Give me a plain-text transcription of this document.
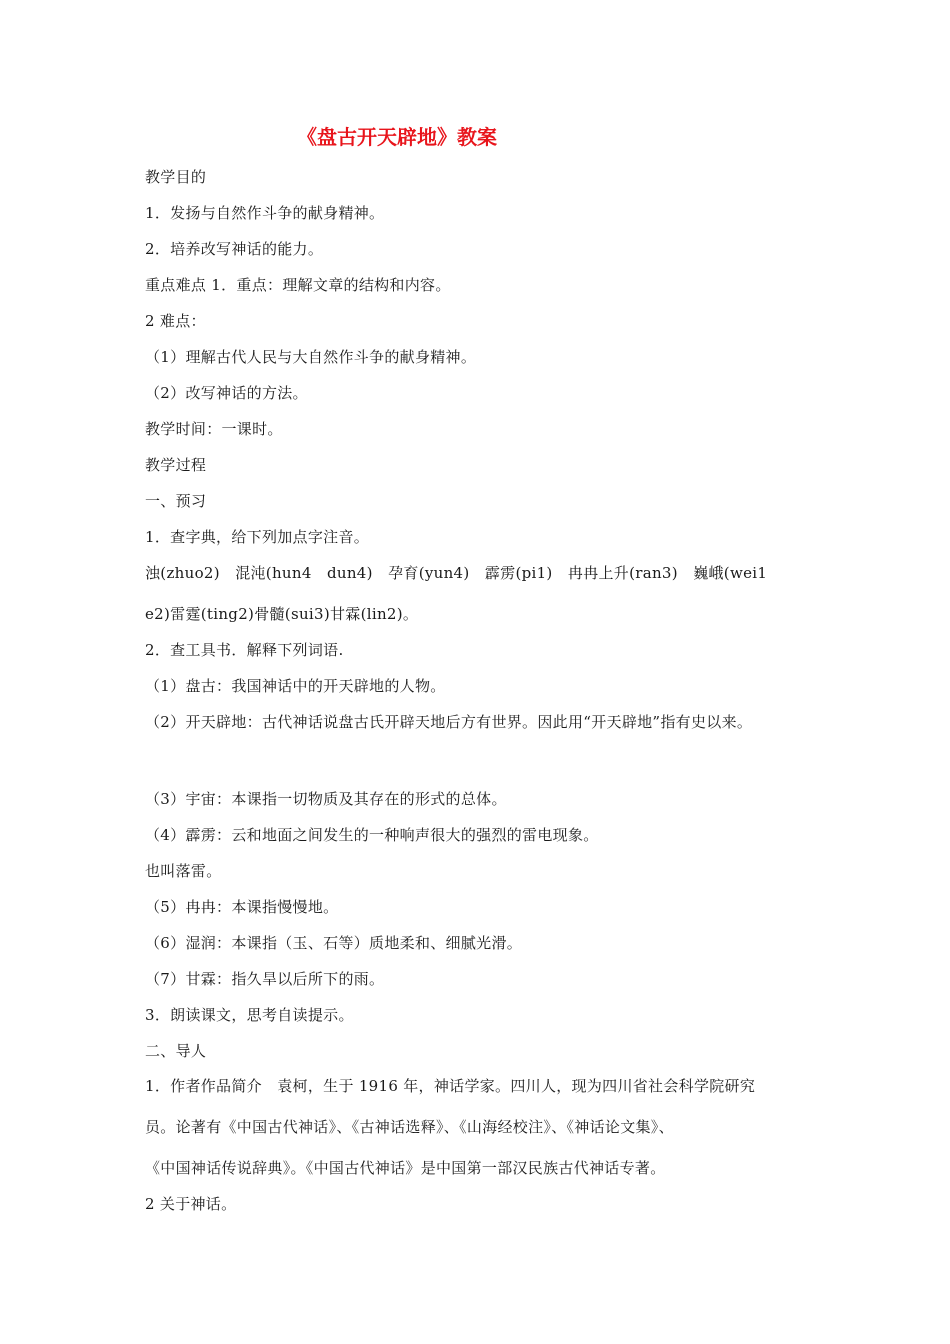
《盘古开天辟地》教案
教学目的
1．发扬与自然作斗争的献身精神。
2．培养改写神话的能力。
重点难点 1．重点：理解文章的结构和内容。
2 难点：
（1）理解古代人民与大自然作斗争的献身精神。
（2）改写神话的方法。
教学时间：一课时。
教学过程
一、预习
1．查字典，给下列加点字注音。
浊(zhuo2)　混沌(hun4　dun4)　孕育(yun4)　霹雳(pi1)　冉冉上升(ran3)　巍峨(wei1
e2)雷霆(ting2)骨髓(sui3)甘霖(lin2)。
2．查工具书．解释下列词语.
（1）盘古：我国神话中的开天辟地的人物。
（2）开天辟地：古代神话说盘古氏开辟天地后方有世界。因此用“开天辟地”指有史以来。
（3）宇宙：本课指一切物质及其存在的形式的总体。
（4）霹雳：云和地面之间发生的一种响声很大的强烈的雷电现象。
也叫落雷。
（5）冉冉：本课指慢慢地。
（6）湿润：本课指（玉、石等）质地柔和、细腻光滑。
（7）甘霖：指久旱以后所下的雨。
3．朗读课文，思考自读提示。
二、导人
1．作者作品简介　袁柯，生于 1916 年，神话学家。四川人，现为四川省社会科学院研究
员。论著有《中国古代神话》、《古神话选释》、《山海经校注》、《神话论文集》、
《中国神话传说辞典》。《中国古代神话》是中国第一部汉民族古代神话专著。
2 关于神话。
